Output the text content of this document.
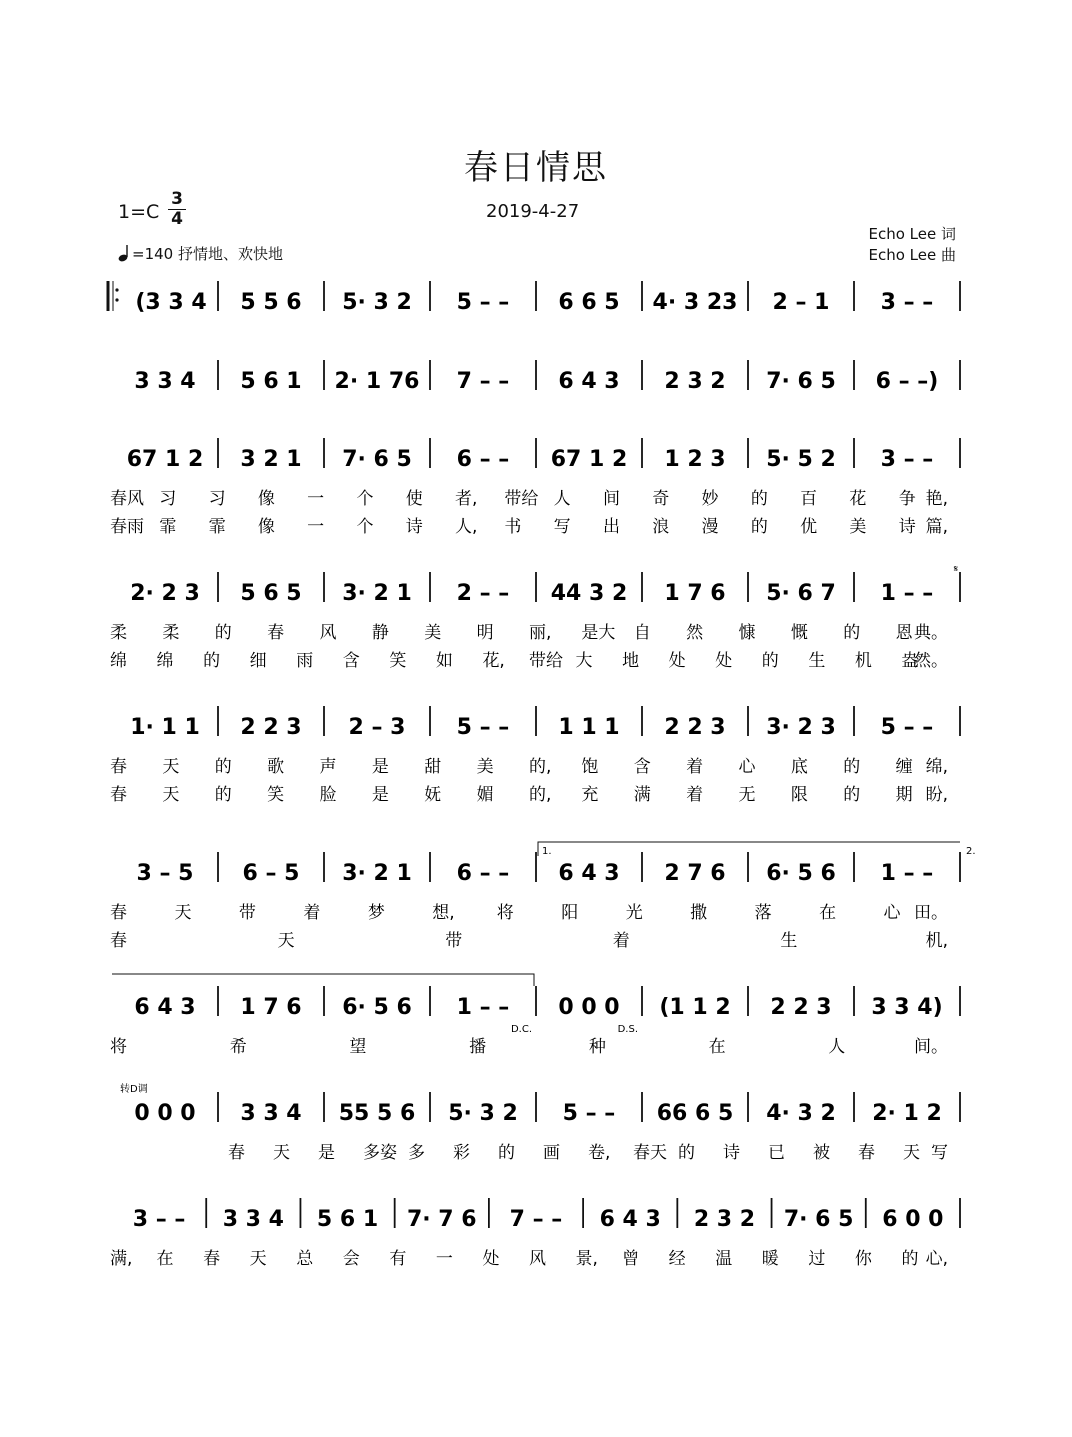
春日情思
1=C
3
4	2019-4-27
=140 抒情地、欢快地
Echo Lee 词
Echo Lee 曲
(3 3 4 5 5 6 5· 3 2 5 – – 6 6 5 4· 3 23 2 – 1 3 – –
3 3 4 5 6 1 2· 1 76 7 – – 6 4 3 2 3 2 7· 6 5 6 – –)
67 1 2 3 2 1 7· 6 5 6 – – 67 1 2 1 2 3 5· 5 2 3 – –
春风 习 习 像 一 个 使 者, 带给 人 间 奇 妙 的 百 花 争 艳,
春雨 霏 霏 像 一 个 诗 人, 书 写 出 浪 漫 的 优 美 诗 篇,
2· 2 3 5 6 5 3· 2 1 2 – – 44 3 2 1 7 6 5· 6 7 1 – –
柔 柔 的 春 风 静 美 明 丽, 是大 自 然 慷 慨 的 恩 典。
绵 绵 的 细 雨 含 笑 如 花, 带给 大 地 处 处 的 生 机 盎
然。
1· 1 1 2 2 3 2 – 3 5 – – 1 1 1 2 2 3 3· 2 3 5 – –
春 天 的 歌 声 是 甜 美 的, 饱 含 着 心 底 的 缠 绵,
春 天 的 笑 脸 是 妩 媚 的, 充 满 着 无 限 的 期 盼,
3 – 5 6 – 5 3· 2 1 6 – – 6 4 3 2 7 6 6· 5 6 1 – –
春	天	带	着	梦	想, 将	阳	光	撒	落	在	心 田。
春	天	带	着	生	机,
6 4 3 1 7 6 6· 5 6 1 – – 0 0 0 (1 1 2 2 2 3 3 3 4)
将	希	望	播	种	在	人	间。
0 0 0 3 3 4 55 5 6 5· 3 2 5 – – 66 6 5 4· 3 2 2· 1 2
春 天 是 多姿 多 彩 的 画 卷, 春天 的 诗 已 被 春 天 写
3 – – 3 3 4 5 6 1 7· 7 6 7 – – 6 4 3 2 3 2 7· 6 5 6 0 0
满, 在 春 天 总 会 有 一 处 风 景, 曾 经 温 暖 过 你 的 心,
1.	2.
D.C.	D.S.
转D调
𝄋
